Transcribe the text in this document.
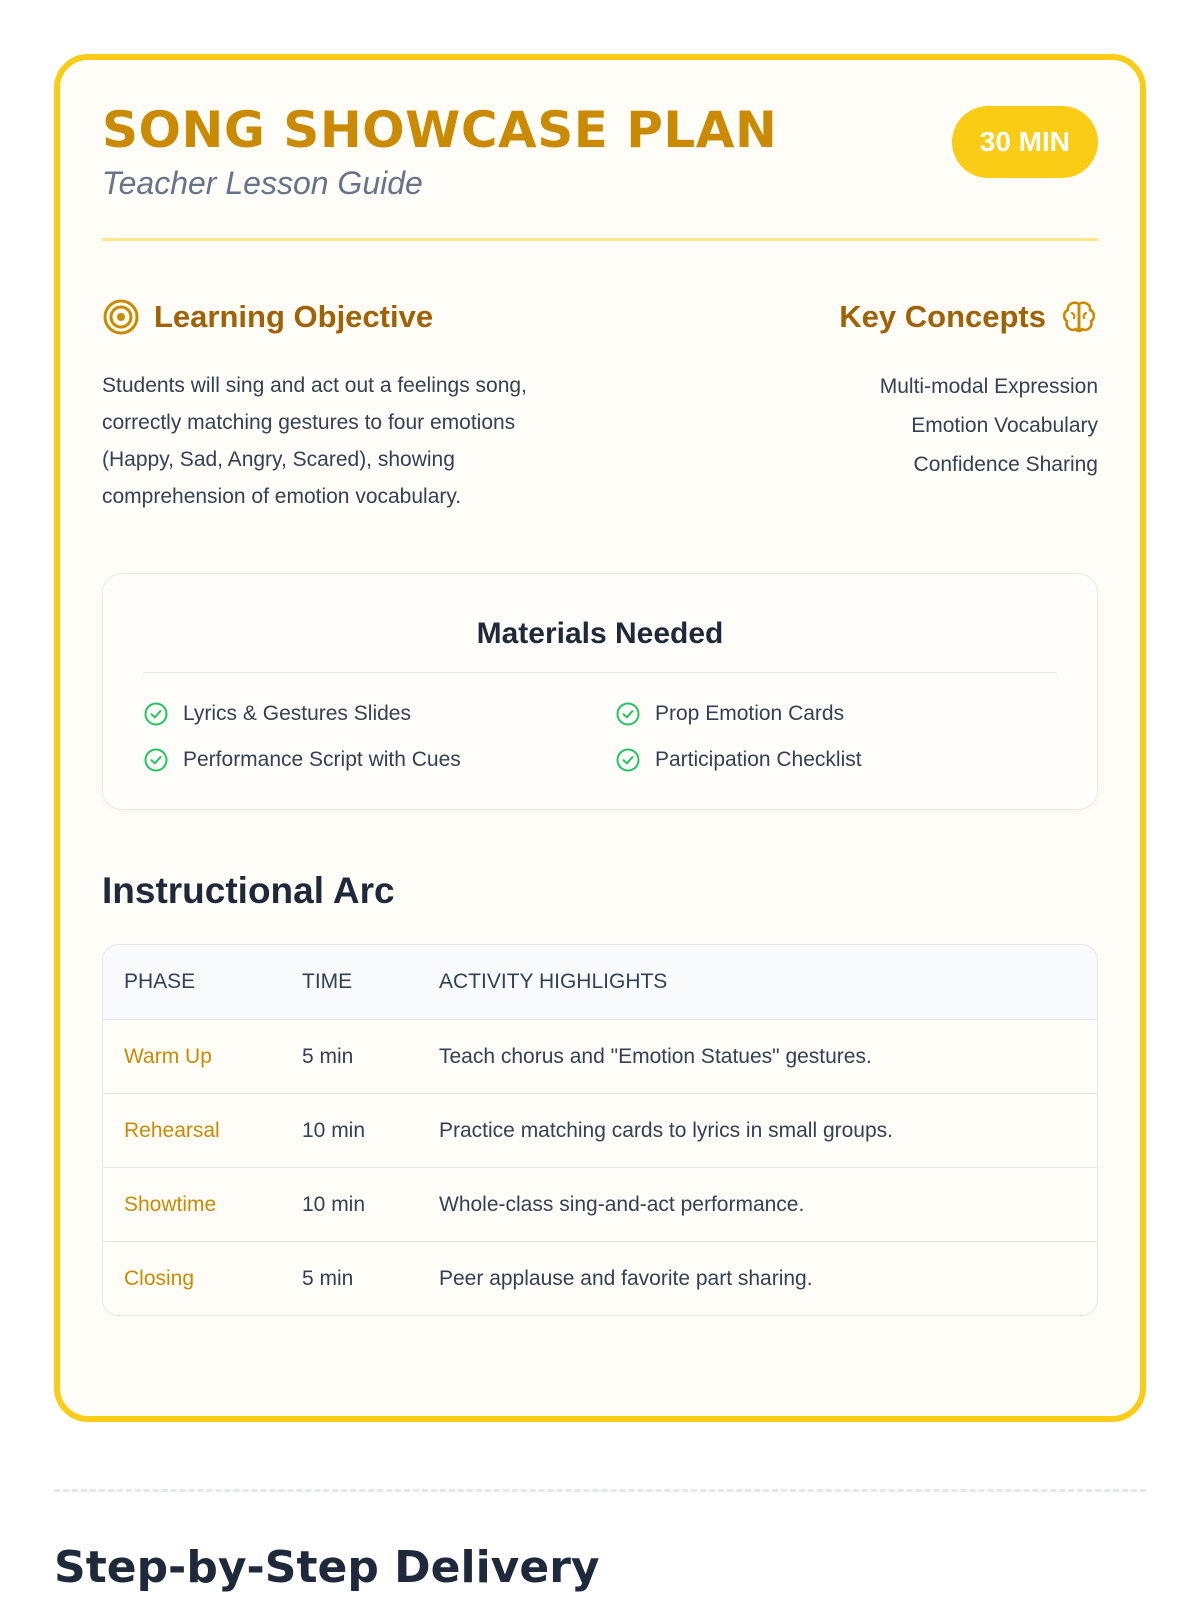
SONG SHOWCASE PLAN
Teacher Lesson Guide
30 MIN
Learning Objective

Students will sing and act out a feelings song, correctly matching gestures to four emotions (Happy, Sad, Angry, Scared), showing comprehension of emotion vocabulary.

Key Concepts
Multi-modal Expression
Emotion Vocabulary
Confidence Sharing
Materials Needed
Lyrics & Gestures Slides	Prop Emotion Cards
Performance Script with Cues	Participation Checklist
Instructional Arc
PHASE	TIME	ACTIVITY HIGHLIGHTS
Warm Up	5 min	Teach chorus and "Emotion Statues" gestures.
Rehearsal	10 min	Practice matching cards to lyrics in small groups.
Showtime	10 min	Whole-class sing-and-act performance.
Closing	5 min	Peer applause and favorite part sharing.
Step-by-Step Delivery
